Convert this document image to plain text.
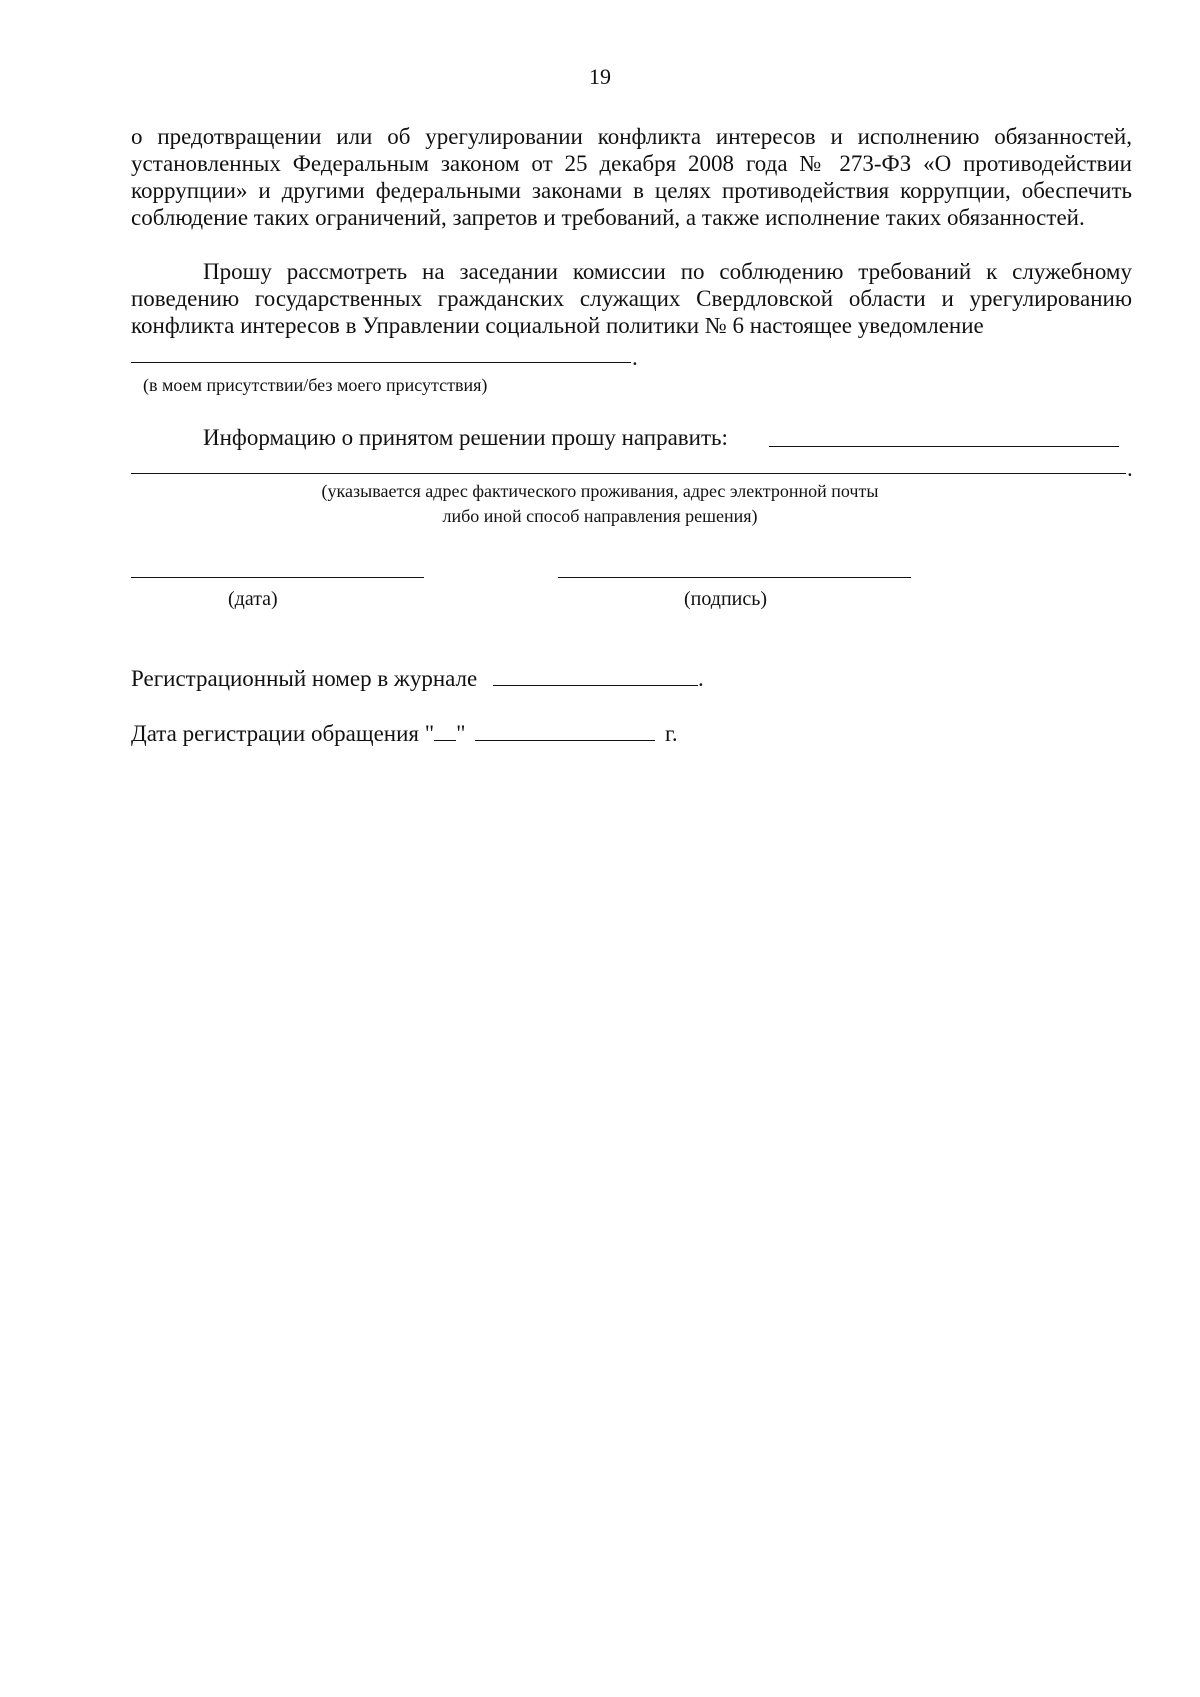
19
о предотвращении или об урегулировании конфликта интересов и исполнению обязанностей, установленных Федеральным законом от 25 декабря 2008 года № 273-ФЗ «О противодействии коррупции» и другими федеральными законами в целях противодействия коррупции, обеспечить соблюдение таких ограничений, запретов и требований, а также исполнение таких обязанностей.
Прошу рассмотреть на заседании комиссии по соблюдению требований к служебному поведению государственных гражданских служащих Свердловской области и урегулированию конфликта интересов в Управлении социальной политики № 6 настоящее уведомление
.
(в моем присутствии/без моего присутствия)
Информацию о принятом решении прошу направить:
.
(указывается адрес фактического проживания, адрес электронной почты
либо иной способ направления решения)
(дата)	(подпись)
Регистрационный номер в журнале	.
Дата регистрации обращения " "	г.
